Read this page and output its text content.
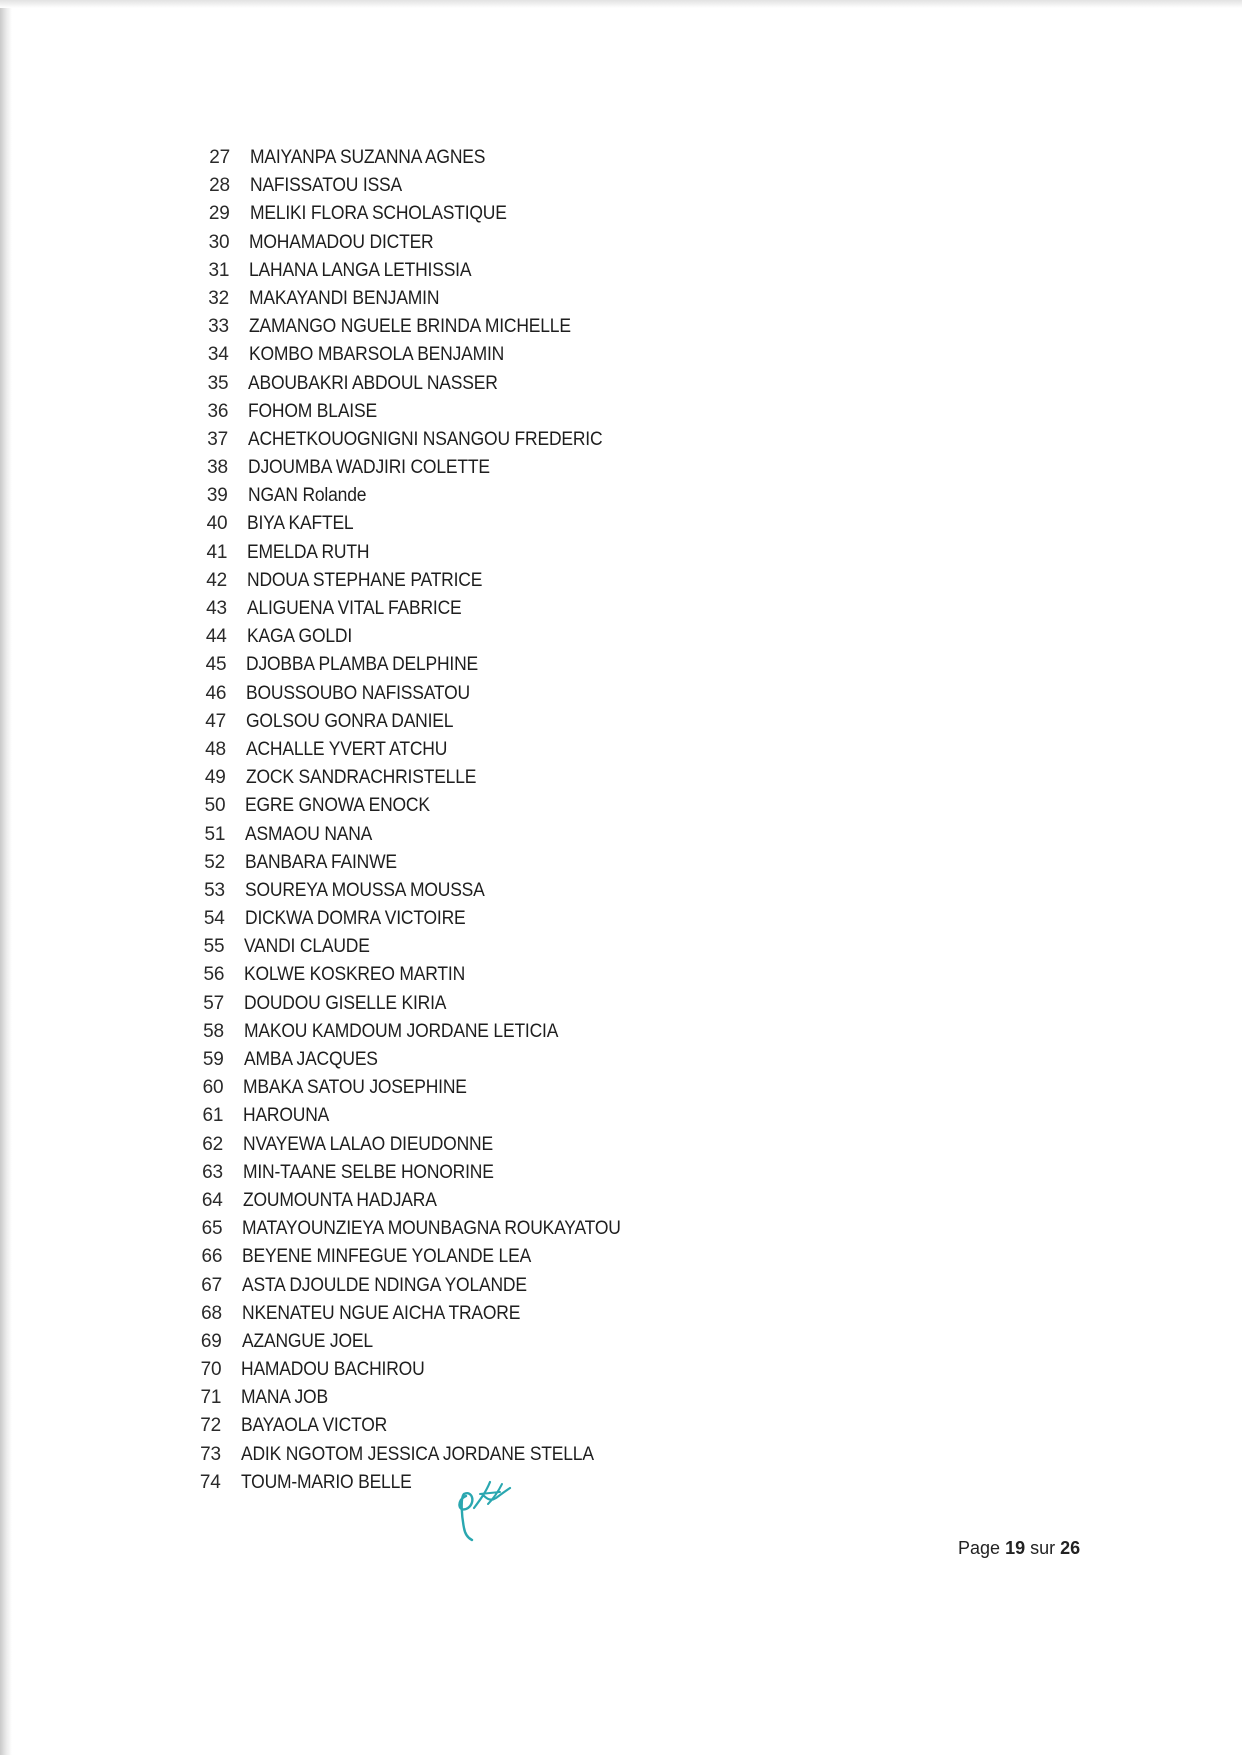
27 MAIYANPA SUZANNA AGNES
28 NAFISSATOU ISSA
29 MELIKI FLORA SCHOLASTIQUE
30 MOHAMADOU DICTER
31 LAHANA LANGA LETHISSIA
32 MAKAYANDI BENJAMIN
33 ZAMANGO NGUELE BRINDA MICHELLE
34 KOMBO MBARSOLA BENJAMIN
35 ABOUBAKRI ABDOUL NASSER
36 FOHOM BLAISE
37 ACHETKOUOGNIGNI NSANGOU FREDERIC
38 DJOUMBA WADJIRI COLETTE
39 NGAN Rolande
40 BIYA KAFTEL
41 EMELDA RUTH
42 NDOUA STEPHANE PATRICE
43 ALIGUENA VITAL FABRICE
44 KAGA GOLDI
45 DJOBBA PLAMBA DELPHINE
46 BOUSSOUBO NAFISSATOU
47 GOLSOU GONRA DANIEL
48 ACHALLE YVERT ATCHU
49 ZOCK SANDRACHRISTELLE
50 EGRE GNOWA ENOCK
51 ASMAOU NANA
52 BANBARA FAINWE
53 SOUREYA MOUSSA MOUSSA
54 DICKWA DOMRA VICTOIRE
55 VANDI CLAUDE
56 KOLWE KOSKREO MARTIN
57 DOUDOU GISELLE KIRIA
58 MAKOU KAMDOUM JORDANE LETICIA
59 AMBA JACQUES
60 MBAKA SATOU JOSEPHINE
61 HAROUNA
62 NVAYEWA LALAO DIEUDONNE
63 MIN-TAANE SELBE HONORINE
64 ZOUMOUNTA HADJARA
65 MATAYOUNZIEYA MOUNBAGNA ROUKAYATOU
66 BEYENE MINFEGUE YOLANDE LEA
67 ASTA DJOULDE NDINGA YOLANDE
68 NKENATEU NGUE AICHA TRAORE
69 AZANGUE JOEL
70 HAMADOU BACHIROU
71 MANA JOB
72 BAYAOLA VICTOR
73 ADIK NGOTOM JESSICA JORDANE STELLA
74 TOUM-MARIO BELLE
Page 19 sur 26
